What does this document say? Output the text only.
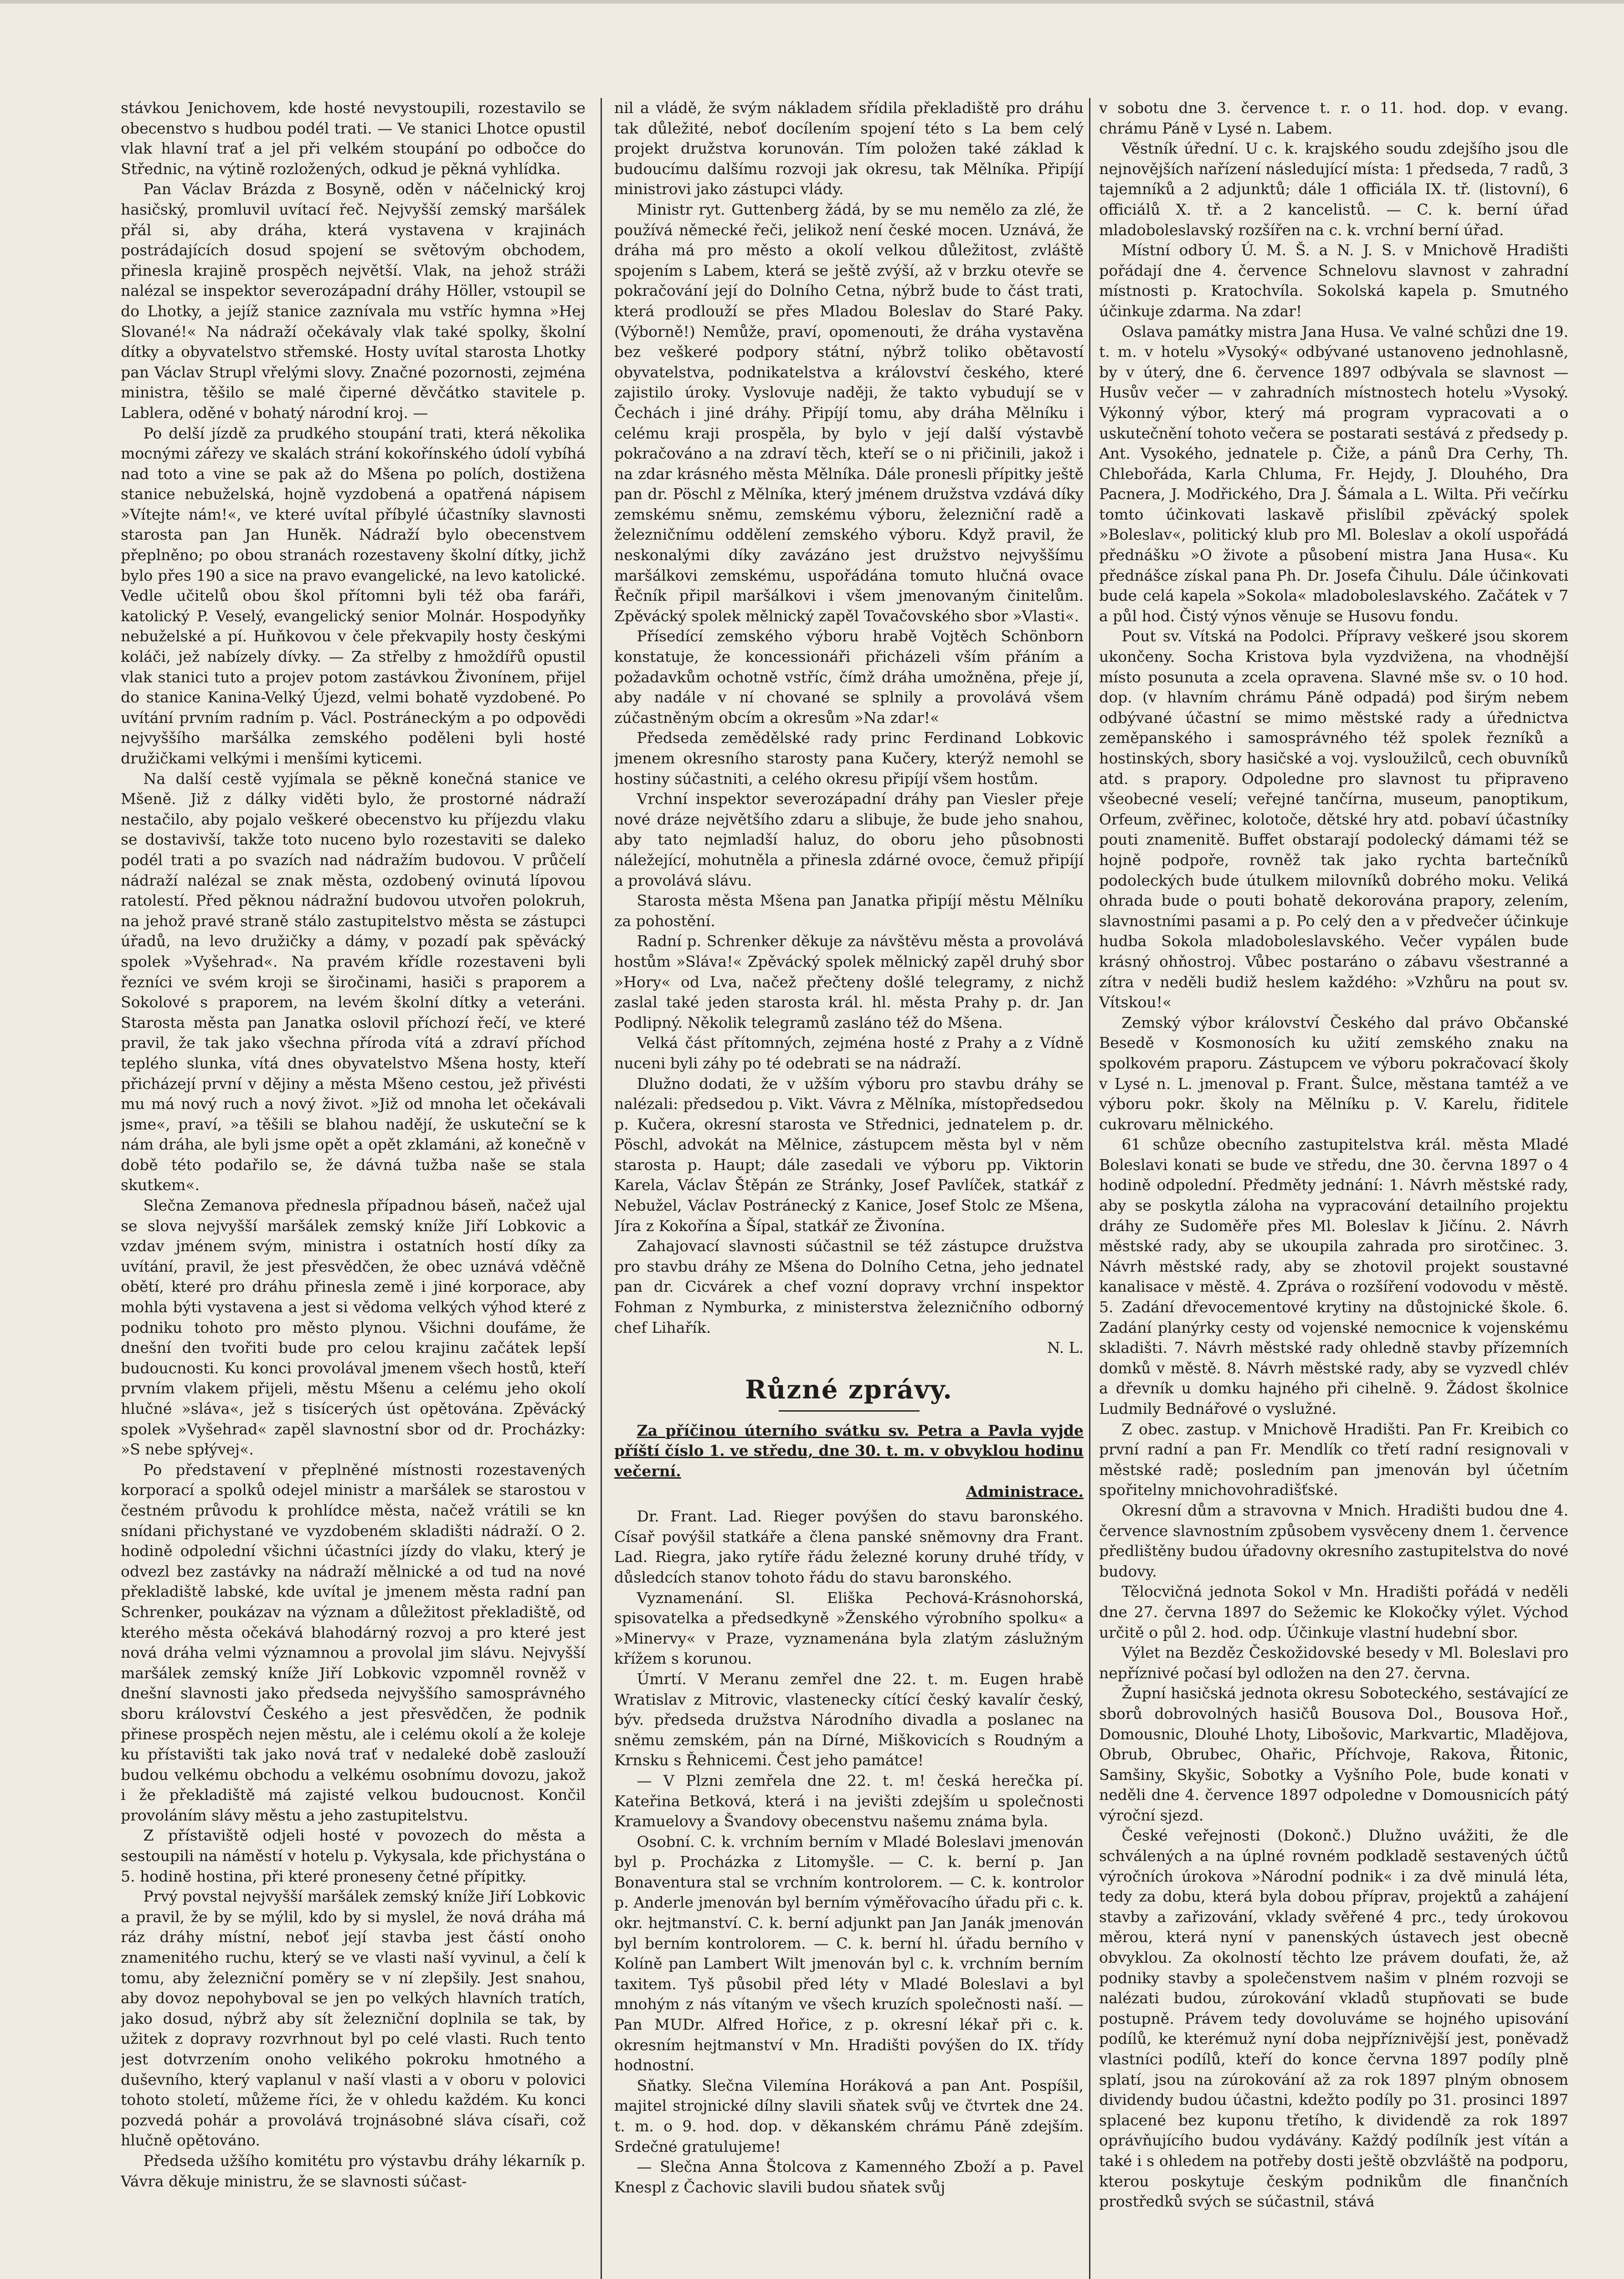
stávkou Jenichovem, kde hosté nevystoupili, rozestavilo se obecenstvo s hudbou podél trati. — Ve stanici Lhotce opustil vlak hlavní trať a jel při velkém stoupání po odbočce do Střednic, na výtině rozložených, odkud je pěkná vyhlídka.

Pan Václav Brázda z Bosyně, oděn v náčelnický kroj hasičský, promluvil uvítací řeč. Nejvyšší zemský maršálek přál si, aby dráha, která vystavena v krajinách postrádajících dosud spojení se světovým obchodem, přinesla krajině prospěch největší. Vlak, na jehož stráži nalézal se inspektor severozápadní dráhy Höller, vstoupil se do Lhotky, a jejíž stanice zaznívala mu vstříc hymna »Hej Slované!« Na nádraží očekávaly vlak také spolky, školní dítky a obyvatelstvo střemské. Hosty uvítal starosta Lhotky pan Václav Strupl vřelými slovy. Značné pozornosti, zejména ministra, těšilo se malé čiperné děvčátko stavitele p. Lablera, oděné v bohatý národní kroj. —

Po delší jízdě za prudkého stoupání trati, která několika mocnými zářezy ve skalách strání kokořínského údolí vybíhá nad toto a vine se pak až do Mšena po polích, dostižena stanice nebuželská, hojně vyzdobená a opatřená nápisem »Vítejte nám!«, ve které uvítal příbylé účastníky slavnosti starosta pan Jan Huněk. Nádraží bylo obecenstvem přeplněno; po obou stranách rozestaveny školní dítky, jichž bylo přes 190 a sice na pravo evangelické, na levo katolické. Vedle učitelů obou škol přítomni byli též oba faráři, katolický P. Veselý, evangelický senior Molnár. Hospodyňky nebuželské a pí. Huňkovou v čele překvapily hosty českými koláči, jež nabízely dívky. — Za střelby z hmoždířů opustil vlak stanici tuto a projev potom zastávkou Živonínem, přijel do stanice Kanina-Velký Újezd, velmi bohatě vyzdobené. Po uvítání prvním radním p. Václ. Postráneckým a po odpovědi nejvyššího maršálka zemského poděleni byli hosté družičkami velkými i menšími kyticemi.

Na další cestě vyjímala se pěkně konečná stanice ve Mšeně. Již z dálky viděti bylo, že prostorné nádraží nestačilo, aby pojalo veškeré obecenstvo ku příjezdu vlaku se dostavivší, takže toto nuceno bylo rozestaviti se daleko podél trati a po svazích nad nádražím budovou. V průčelí nádraží nalézal se znak města, ozdobený ovinutá lípovou ratolestí. Před pěknou nádražní budovou utvořen polokruh, na jehož pravé straně stálo zastupitelstvo města se zástupci úřadů, na levo družičky a dámy, v pozadí pak spěvácký spolek »Vyšehrad«. Na pravém křídle rozestaveni byli řezníci ve svém kroji se širočinami, hasiči s praporem a Sokolové s praporem, na levém školní dítky a veteráni. Starosta města pan Janatka oslovil příchozí řečí, ve které pravil, že tak jako všechna příroda vítá a zdraví příchod teplého slunka, vítá dnes obyvatelstvo Mšena hosty, kteří přicházejí první v dějiny a města Mšeno cestou, jež přivésti mu má nový ruch a nový život. »Již od mnoha let očekávali jsme«, praví, »a těšili se blahou nadějí, že uskuteční se k nám dráha, ale byli jsme opět a opět zklamáni, až konečně v době této podařilo se, že dávná tužba naše se stala skutkem«.

Slečna Zemanova přednesla případnou báseň, načež ujal se slova nejvyšší maršálek zemský kníže Jiří Lobkovic a vzdav jménem svým, ministra i ostatních hostí díky za uvítání, pravil, že jest přesvědčen, že obec uznává vděčně obětí, které pro dráhu přinesla země i jiné korporace, aby mohla býti vystavena a jest si vědoma velkých výhod které z podniku tohoto pro město plynou. Všichni doufáme, že dnešní den tvořiti bude pro celou krajinu začátek lepší budoucnosti. Ku konci provolával jmenem všech hostů, kteří prvním vlakem přijeli, městu Mšenu a celému jeho okolí hlučné »sláva«, jež s tisícerých úst opětována. Zpěvácký spolek »Vyšehrad« zapěl slavnostní sbor od dr. Procházky: »S nebe spłývej«.

Po představení v přeplněné místnosti rozestavených korporací a spolků odejel ministr a maršálek se starostou v čestném průvodu k prohlídce města, načež vrátili se kn snídani přichystané ve vyzdobeném skladišti nádraží. O 2. hodině odpolední všichni účastníci jízdy do vlaku, který je odvezl bez zastávky na nádraží mělnické a od tud na nové překladiště labské, kde uvítal je jmenem města radní pan Schrenker, poukázav na význam a důležitost překladiště, od kterého města očekává blahodárný rozvoj a pro které jest nová dráha velmi významnou a provolal jim slávu. Nejvyšší maršálek zemský kníže Jiří Lobkovic vzpomněl rovněž v dnešní slavnosti jako předseda nejvyššího samosprávného sboru království Českého a jest přesvědčen, že podnik přinese prospěch nejen městu, ale i celému okolí a že koleje ku přístavišti tak jako nová trať v nedaleké době zaslouží budou velkému obchodu a velkému osobnímu dovozu, jakož i že překladiště má zajisté velkou budoucnost. Končil provoláním slávy městu a jeho zastupitelstvu.

Z přístaviště odjeli hosté v povozech do města a sestoupili na náměstí v hotelu p. Vykysala, kde přichystána o 5. hodině hostina, při které proneseny četné přípitky.

Prvý povstal nejvyšší maršálek zemský kníže Jiří Lobkovic a pravil, že by se mýlil, kdo by si myslel, že nová dráha má ráz dráhy místní, neboť její stavba jest částí onoho znamenitého ruchu, který se ve vlasti naší vyvinul, a čelí k tomu, aby železniční poměry se v ní zlepšily. Jest snahou, aby dovoz nepohyboval se jen po velkých hlavních tratích, jako dosud, nýbrž aby sít železniční doplnila se tak, by užitek z dopravy rozvrhnout byl po celé vlasti. Ruch tento jest dotvrzením onoho velikého pokroku hmotného a duševního, který vaplanul v naší vlasti a v oboru v polovici tohoto století, můžeme říci, že v ohledu každém. Ku konci pozvedá pohár a provolává trojnásobné sláva císaři, což hlučně opětováno.

Předseda užšího komitétu pro výstavbu dráhy lékarník p. Vávra děkuje ministru, že se slavnosti súčast-

nil a vládě, že svým nákladem sřídila překladiště pro dráhu tak důležité, neboť docílením spojení této s La bem celý projekt družstva korunován. Tím položen také základ k budoucímu dalšímu rozvoji jak okresu, tak Mělníka. Připíjí ministrovi jako zástupci vlády.

Ministr ryt. Guttenberg žádá, by se mu nemělo za zlé, že používá německé řeči, jelikož není české mocen. Uznává, že dráha má pro město a okolí velkou důležitost, zvláště spojením s Labem, která se ještě zvýší, až v brzku otevře se pokračování její do Dolního Cetna, nýbrž bude to část trati, která prodlouží se přes Mladou Boleslav do Staré Paky. (Výborně!) Nemůže, praví, opomenouti, že dráha vystavěna bez veškeré podpory státní, nýbrž toliko obětavostí obyvatelstva, podnikatelstva a království českého, které zajistilo úroky. Vyslovuje naději, že takto vybudují se v Čechách i jiné dráhy. Připíjí tomu, aby dráha Mělníku i celému kraji prospěla, by bylo v její další výstavbě pokračováno a na zdraví těch, kteří se o ni přičinili, jakož i na zdar krásného města Mělníka. Dále pronesli přípitky ještě pan dr. Pöschl z Mělníka, který jménem družstva vzdává díky zemskému sněmu, zemskému výboru, železniční radě a železničnímu oddělení zemského výboru. Když pravil, že neskonalými díky zavázáno jest družstvo nejvyššímu maršálkovi zemskému, uspořádána tomuto hlučná ovace Řečník připil maršálkovi i všem jmenovaným činitelům. Zpěvácký spolek mělnický zapěl Tovačovského sbor »Vlasti«.

Přísedící zemského výboru hrabě Vojtěch Schönborn konstatuje, že koncessionáři přicházeli vším přáním a požadavkům ochotně vstříc, čímž dráha umožněna, přeje jí, aby nadále v ní chované se splnily a provolává všem zúčastněným obcím a okresům »Na zdar!«

Předseda zemědělské rady princ Ferdinand Lobkovic jmenem okresního starosty pana Kučery, kterýž nemohl se hostiny súčastniti, a celého okresu připíjí všem hostům.

Vrchní inspektor severozápadní dráhy pan Viesler přeje nové dráze největšího zdaru a slibuje, že bude jeho snahou, aby tato nejmladší haluz, do oboru jeho působnosti náležející, mohutněla a přinesla zdárné ovoce, čemuž připíjí a provolává slávu.

Starosta města Mšena pan Janatka připíjí městu Mělníku za pohostění.

Radní p. Schrenker děkuje za návštěvu města a provolává hostům »Sláva!« Zpěvácký spolek mělnický zapěl druhý sbor »Hory« od Lva, načež přečteny došlé telegramy, z nichž zaslal také jeden starosta král. hl. města Prahy p. dr. Jan Podlipný. Několik telegramů zasláno též do Mšena.

Velká část přítomných, zejména hosté z Prahy a z Vídně nuceni byli záhy po té odebrati se na nádraží.

Dlužno dodati, že v užším výboru pro stavbu dráhy se nalézali: předsedou p. Vikt. Vávra z Mělníka, místopředsedou p. Kučera, okresní starosta ve Střednici, jednatelem p. dr. Pöschl, advokát na Mělnice, zástupcem města byl v něm starosta p. Haupt; dále zasedali ve výboru pp. Viktorin Karela, Václav Štěpán ze Stránky, Josef Pavlíček, statkář z Nebužel, Václav Postránecký z Kanice, Josef Stolc ze Mšena, Jíra z Kokořína a Šípal, statkář ze Živonína.

Zahajovací slavnosti súčastnil se též zástupce družstva pro stavbu dráhy ze Mšena do Dolního Cetna, jeho jednatel pan dr. Cicvárek a chef vozní dopravy vrchní inspektor Fohman z Nymburka, z ministerstva železničního odborný chef Lihařík.

N. L.

Různé zprávy.

Za příčinou úterního svátku sv. Petra a Pavla vyjde příští číslo 1. ve středu, dne 30. t. m. v obvyklou hodinu večerní.

Administrace.

Dr. Frant. Lad. Rieger povýšen do stavu baronského. Císař povýšil statkáře a člena panské sněmovny dra Frant. Lad. Riegra, jako rytíře řádu železné koruny druhé třídy, v důsledcích stanov tohoto řádu do stavu baronského.

Vyznamenání. Sl. Eliška Pechová-Krásnohorská, spisovatelka a předsedkyně »Ženského výrobního spolku« a »Minervy« v Praze, vyznamenána byla zlatým záslužným křížem s korunou.

Úmrtí. V Meranu zemřel dne 22. t. m. Eugen hrabě Wratislav z Mitrovic, vlastenecky cítící český kavalír český, býv. předseda družstva Národního divadla a poslanec na sněmu zemském, pán na Dírné, Miškovicích s Roudným a Krnsku s Řehnicemi. Čest jeho památce!

— V Plzni zemřela dne 22. t. m! česká herečka pí. Kateřina Betková, která i na jevišti zdejším u společnosti Kramuelovy a Švandovy obecenstvu našemu známa byla.

Osobní. C. k. vrchním berním v Mladé Boleslavi jmenován byl p. Procházka z Litomyšle. — C. k. berní p. Jan Bonaventura stal se vrchním kontrolorem. — C. k. kontrolor p. Anderle jmenován byl berním výměřovacího úřadu při c. k. okr. hejtmanství. C. k. berní adjunkt pan Jan Janák jmenován byl berním kontrolorem. — C. k. berní hl. úřadu berního v Kolíně pan Lambert Wilt jmenován byl c. k. vrchním berním taxitem. Tyš působil před léty v Mladé Boleslavi a byl mnohým z nás vítaným ve všech kruzích společnosti naší. — Pan MUDr. Alfred Hořice, z p. okresní lékař při c. k. okresním hejtmanství v Mn. Hradišti povýšen do IX. třídy hodnostní.

Sňatky. Slečna Vilemína Horáková a pan Ant. Pospíšil, majitel strojnické dílny slavili sňatek svůj ve čtvrtek dne 24. t. m. o 9. hod. dop. v děkanském chrámu Páně zdejším. Srdečné gratulujeme!

— Slečna Anna Štolcova z Kamenného Zboží a p. Pavel Knespl z Čachovic slavili budou sňatek svůj

v sobotu dne 3. července t. r. o 11. hod. dop. v evang. chrámu Páně v Lysé n. Labem.

Věstník úřední. U c. k. krajského soudu zdejšího jsou dle nejnovějších nařízení následující místa: 1 předseda, 7 radů, 3 tajemníků a 2 adjunktů; dále 1 officiála IX. tř. (listovní), 6 officiálů X. tř. a 2 kancelistů. — C. k. berní úřad mladoboleslavský rozšířen na c. k. vrchní berní úřad.

Místní odbory Ú. M. Š. a N. J. S. v Mnichově Hradišti pořádají dne 4. července Schnelovu slavnost v zahradní místnosti p. Kratochvíla. Sokolská kapela p. Smutného účinkuje zdarma. Na zdar!

Oslava památky mistra Jana Husa. Ve valné schůzi dne 19. t. m. v hotelu »Vysoký« odbývané ustanoveno jednohlasně, by v úterý, dne 6. července 1897 odbývala se slavnost — Husův večer — v zahradních místnostech hotelu »Vysoký. Výkonný výbor, který má program vypracovati a o uskutečnění tohoto večera se postarati sestává z předsedy p. Ant. Vysokého, jednatele p. Čiže, a pánů Dra Cerhy, Th. Chlebořáda, Karla Chluma, Fr. Hejdy, J. Dlouhého, Dra Pacnera, J. Modřického, Dra J. Šámala a L. Wilta. Při večírku tomto účinkovati laskavě přislíbil zpěvácký spolek »Boleslav«, politický klub pro Ml. Boleslav a okolí uspořádá přednášku »O živote a působení mistra Jana Husa«. Ku přednášce získal pana Ph. Dr. Josefa Čihulu. Dále účinkovati bude celá kapela »Sokola« mladoboleslavského. Začátek v 7 a půl hod. Čistý výnos věnuje se Husovu fondu.

Pout sv. Vítská na Podolci. Přípravy veškeré jsou skorem ukončeny. Socha Kristova byla vyzdvižena, na vhodnější místo posunuta a zcela opravena. Slavné mše sv. o 10 hod. dop. (v hlavním chrámu Páně odpadá) pod širým nebem odbývané účastní se mimo městské rady a úřednictva zeměpanského i samosprávného též spolek řezníků a hostinských, sbory hasičské a voj. vysloužilců, cech obuvníků atd. s prapory. Odpoledne pro slavnost tu připraveno všeobecné veselí; veřejné tančírna, museum, panoptikum, Orfeum, zvěřinec, kolotoče, dětské hry atd. pobaví účastníky pouti znamenitě. Buffet obstarají podolecký dámami též se hojně podpoře, rovněž tak jako rychta bartečníků podoleckých bude útulkem milovníků dobrého moku. Veliká ohrada bude o pouti bohatě dekorována prapory, zelením, slavnostními pasami a p. Po celý den a v předvečer účinkuje hudba Sokola mladoboleslavského. Večer vypálen bude krásný ohňostroj. Vůbec postaráno o zábavu všestranné a zítra v neděli budiž heslem každého: »Vzhůru na pout sv. Vítskou!«

Zemský výbor království Českého dal právo Občanské Besedě v Kosmonosích ku užití zemského znaku na spolkovém praporu. Zástupcem ve výboru pokračovací školy v Lysé n. L. jmenoval p. Frant. Šulce, městana tamtéž a ve výboru pokr. školy na Mělníku p. V. Karelu, řiditele cukrovaru mělnického.

61 schůze obecního zastupitelstva král. města Mladé Boleslavi konati se bude ve středu, dne 30. června 1897 o 4 hodině odpolední. Předměty jednání: 1. Návrh městské rady, aby se poskytla záloha na vypracování detailního projektu dráhy ze Sudoměře přes Ml. Boleslav k Jičínu. 2. Návrh městské rady, aby se ukoupila zahrada pro sirotčinec. 3. Návrh městské rady, aby se zhotovil projekt soustavné kanalisace v městě. 4. Zpráva o rozšíření vodovodu v městě. 5. Zadání dřevocementové krytiny na důstojnické škole. 6. Zadání planýrky cesty od vojenské nemocnice k vojenskému skladišti. 7. Návrh městské rady ohledně stavby přízemních domků v městě. 8. Návrh městské rady, aby se vyzvedl chlév a dřevník u domku hajného při cihelně. 9. Žádost školnice Ludmily Bednářové o vyslužné.

Z obec. zastup. v Mnichově Hradišti. Pan Fr. Kreibich co první radní a pan Fr. Mendlík co třetí radní resignovali v městské radě; posledním pan jmenován byl účetním spořitelny mnichovohradišťské.

Okresní dům a stravovna v Mnich. Hradišti budou dne 4. července slavnostním způsobem vysvěceny dnem 1. července předlištěny budou úřadovny okresního zastupitelstva do nové budovy.

Tělocvičná jednota Sokol v Mn. Hradišti pořádá v neděli dne 27. června 1897 do Sežemic ke Klokočky výlet. Východ určitě o půl 2. hod. odp. Účinkuje vlastní hudební sbor.

Výlet na Bezděz Českožidovské besedy v Ml. Boleslavi pro nepříznivé počasí byl odložen na den 27. června.

Župní hasičská jednota okresu Soboteckého, sestávající ze sborů dobrovolných hasičů Bousova Dol., Bousova Hoř., Domousnic, Dlouhé Lhoty, Libošovic, Markvartic, Mladějova, Obrub, Obrubec, Ohařic, Příchvoje, Rakova, Řitonic, Samšiny, Skyšic, Sobotky a Vyšního Pole, bude konati v neděli dne 4. července 1897 odpoledne v Domousnicích pátý výroční sjezd.

České veřejnosti (Dokonč.) Dlužno uvážiti, že dle schválených a na úplné rovném podkladě sestavených účtů výročních úrokova »Národní podnik« i za dvě minulá léta, tedy za dobu, která byla dobou příprav, projektů a zahájení stavby a zařizování, vklady svěřené 4 prc., tedy úrokovou měrou, která nyní v panenských ústavech jest obecně obvyklou. Za okolností těchto lze právem doufati, že, až podniky stavby a společenstvem našim v plném rozvoji se nalézati budou, zúrokování vkladů stupňovati se bude postupně. Právem tedy dovoluváme se hojného upisování podílů, ke kterémuž nyní doba nejpříznivější jest, poněvadž vlastníci podílů, kteří do konce června 1897 podíly plně splatí, jsou na zúrokování až za rok 1897 plným obnosem dividendy budou účastni, kdežto podíly po 31. prosinci 1897 splacené bez kuponu třetího, k dividendě za rok 1897 oprávňujícího budou vydávány. Každý podílník jest vítán a také i s ohledem na potřeby dosti ještě obzvláště na podporu, kterou poskytuje českým podnikům dle finančních prostředků svých se súčastnil, stává
